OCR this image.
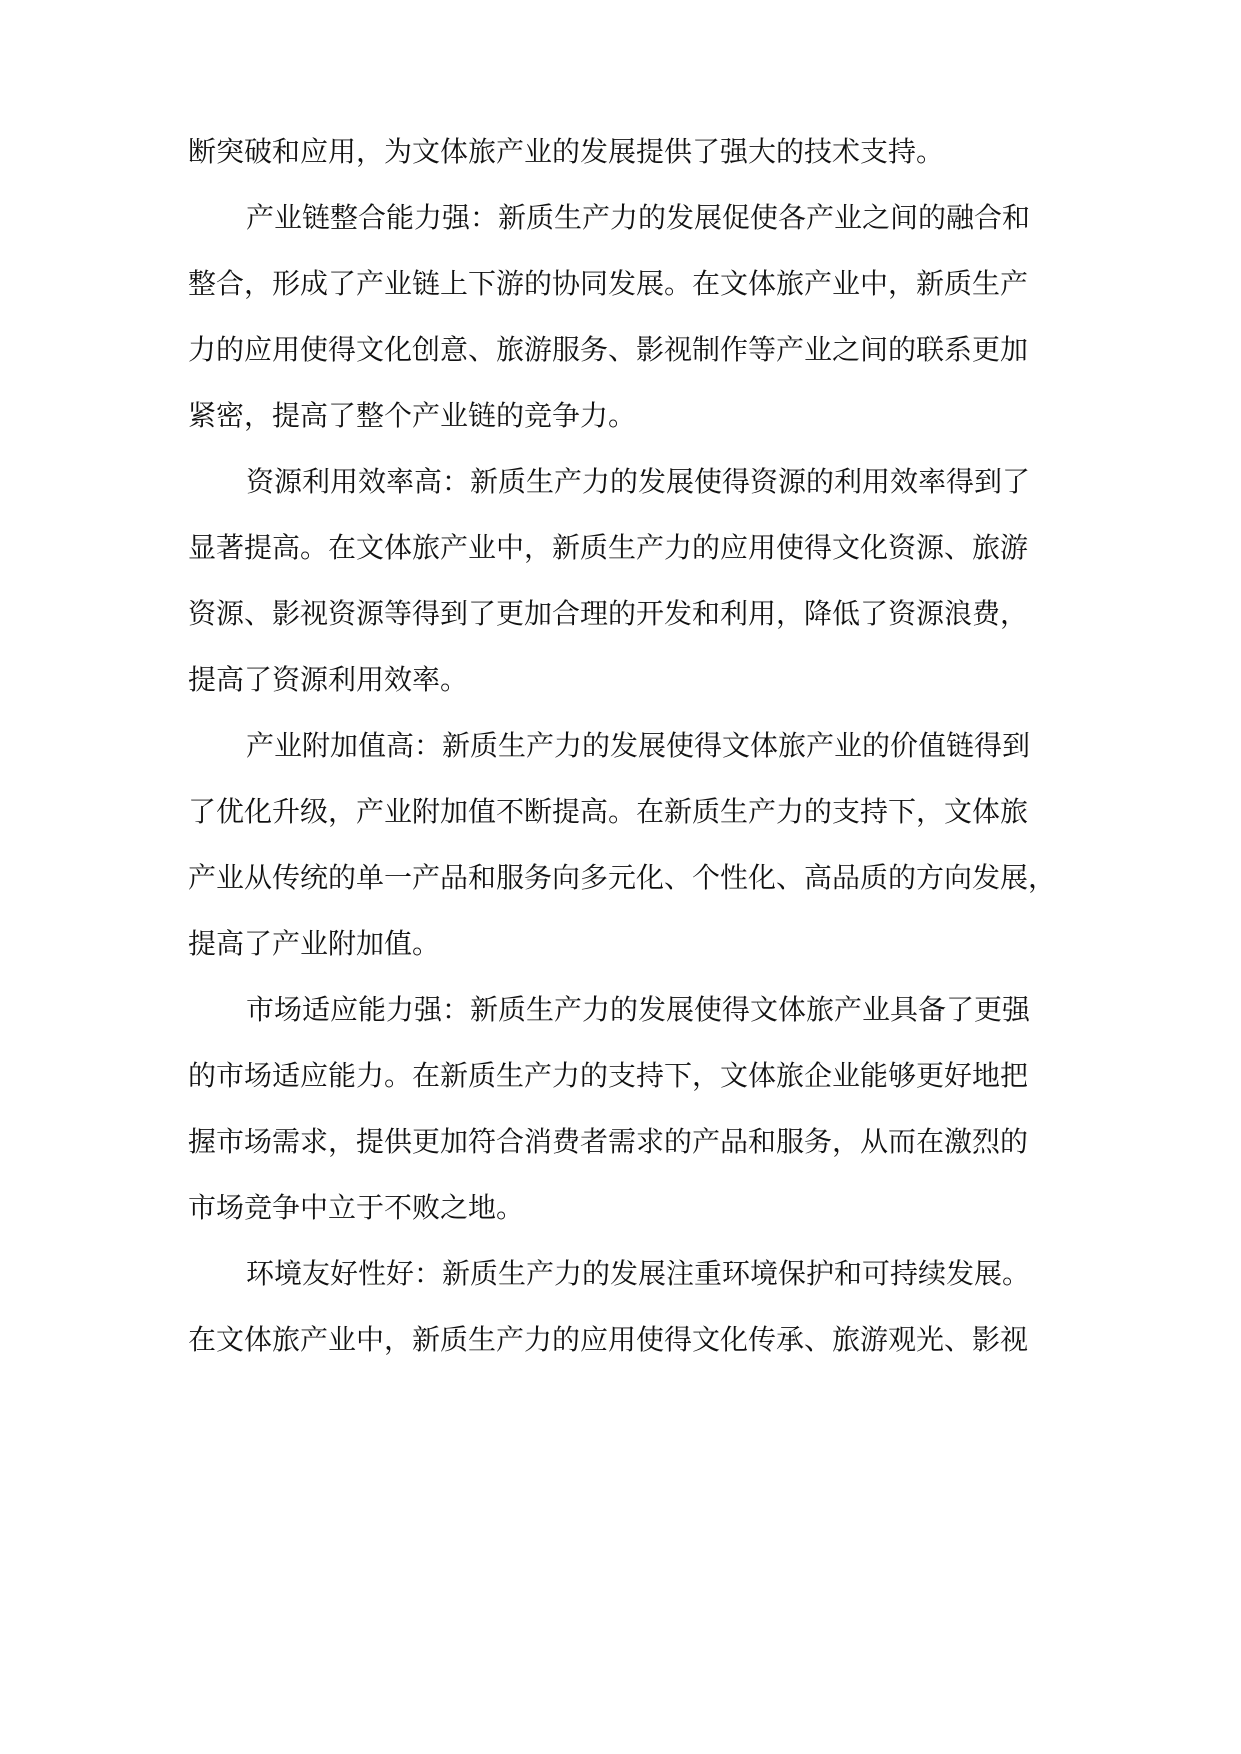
断突破和应用，为文体旅产业的发展提供了强大的技术支持。
产业链整合能力强：新质生产力的发展促使各产业之间的融合和
整合，形成了产业链上下游的协同发展。在文体旅产业中，新质生产
力的应用使得文化创意、旅游服务、影视制作等产业之间的联系更加
紧密，提高了整个产业链的竞争力。
资源利用效率高：新质生产力的发展使得资源的利用效率得到了
显著提高。在文体旅产业中，新质生产力的应用使得文化资源、旅游
资源、影视资源等得到了更加合理的开发和利用，降低了资源浪费，
提高了资源利用效率。
产业附加值高：新质生产力的发展使得文体旅产业的价值链得到
了优化升级，产业附加值不断提高。在新质生产力的支持下，文体旅
产业从传统的单一产品和服务向多元化、个性化、高品质的方向发展，
提高了产业附加值。
市场适应能力强：新质生产力的发展使得文体旅产业具备了更强
的市场适应能力。在新质生产力的支持下，文体旅企业能够更好地把
握市场需求，提供更加符合消费者需求的产品和服务，从而在激烈的
市场竞争中立于不败之地。
环境友好性好：新质生产力的发展注重环境保护和可持续发展。
在文体旅产业中，新质生产力的应用使得文化传承、旅游观光、影视
